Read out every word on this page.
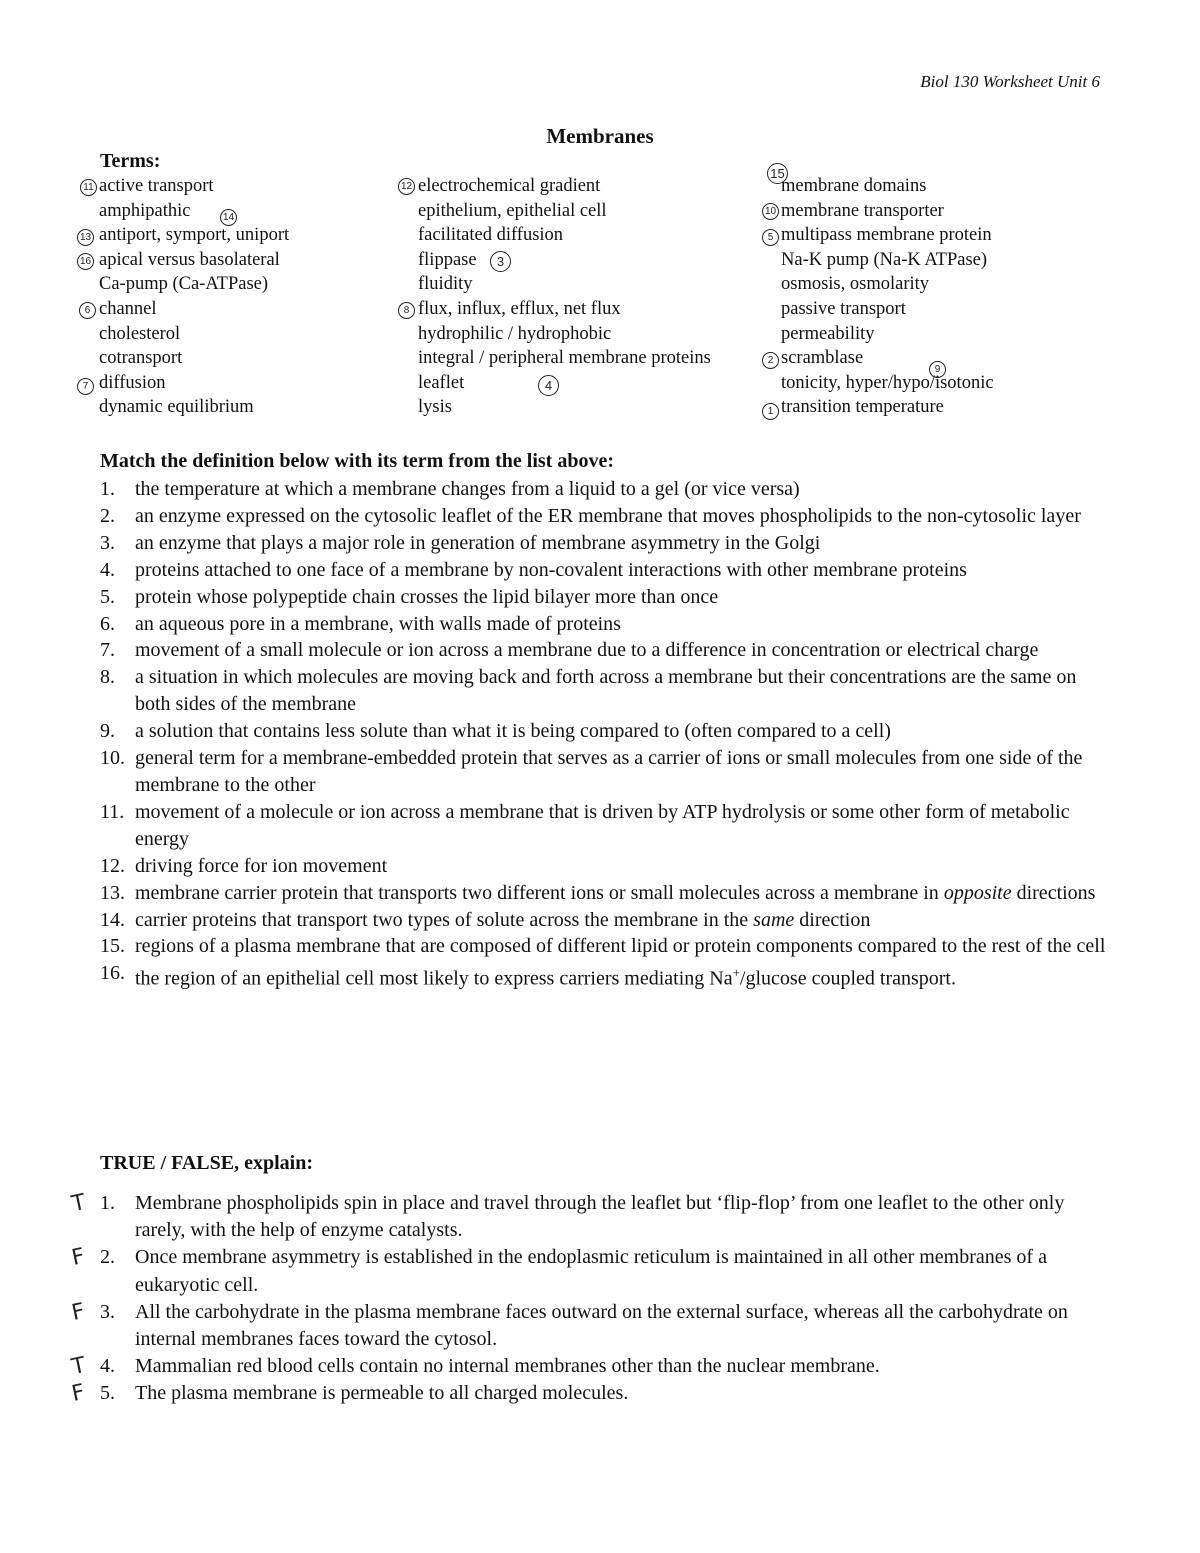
Biol 130 Worksheet Unit 6
Membranes
Terms:
active transport
amphipathic
antiport, symport, uniport
apical versus basolateral
Ca-pump (Ca-ATPase)
channel
cholesterol
cotransport
diffusion
dynamic equilibrium
electrochemical gradient
epithelium, epithelial cell
facilitated diffusion
flippase
fluidity
flux, influx, efflux, net flux
hydrophilic / hydrophobic
integral / peripheral membrane proteins
leaflet
lysis
membrane domains
membrane transporter
multipass membrane protein
Na-K pump (Na-K ATPase)
osmosis, osmolarity
passive transport
permeability
scramblase
tonicity, hyper/hypo/isotonic
transition temperature
11
14
13
16
6
7
12
3
8
4
15
10
5
2
9
1
Match the definition below with its term from the list above:
1. the temperature at which a membrane changes from a liquid to a gel (or vice versa)
2. an enzyme expressed on the cytosolic leaflet of the ER membrane that moves phospholipids to the non-cytosolic layer
3. an enzyme that plays a major role in generation of membrane asymmetry in the Golgi
4. proteins attached to one face of a membrane by non-covalent interactions with other membrane proteins
5. protein whose polypeptide chain crosses the lipid bilayer more than once
6. an aqueous pore in a membrane, with walls made of proteins
7. movement of a small molecule or ion across a membrane due to a difference in concentration or electrical charge
8. a situation in which molecules are moving back and forth across a membrane but their concentrations are the same on both sides of the membrane
9. a solution that contains less solute than what it is being compared to (often compared to a cell)
10. general term for a membrane-embedded protein that serves as a carrier of ions or small molecules from one side of the membrane to the other
11. movement of a molecule or ion across a membrane that is driven by ATP hydrolysis or some other form of metabolic energy
12. driving force for ion movement
13. membrane carrier protein that transports two different ions or small molecules across a membrane in opposite directions
14. carrier proteins that transport two types of solute across the membrane in the same direction
15. regions of a plasma membrane that are composed of different lipid or protein components compared to the rest of the cell
16. the region of an epithelial cell most likely to express carriers mediating Na+/glucose coupled transport.
TRUE / FALSE, explain:
T 1. Membrane phospholipids spin in place and travel through the leaflet but ‘flip-flop’ from one leaflet to the other only rarely, with the help of enzyme catalysts.
F 2. Once membrane asymmetry is established in the endoplasmic reticulum is maintained in all other membranes of a eukaryotic cell.
F 3. All the carbohydrate in the plasma membrane faces outward on the external surface, whereas all the carbohydrate on internal membranes faces toward the cytosol.
T 4. Mammalian red blood cells contain no internal membranes other than the nuclear membrane.
F 5. The plasma membrane is permeable to all charged molecules.
